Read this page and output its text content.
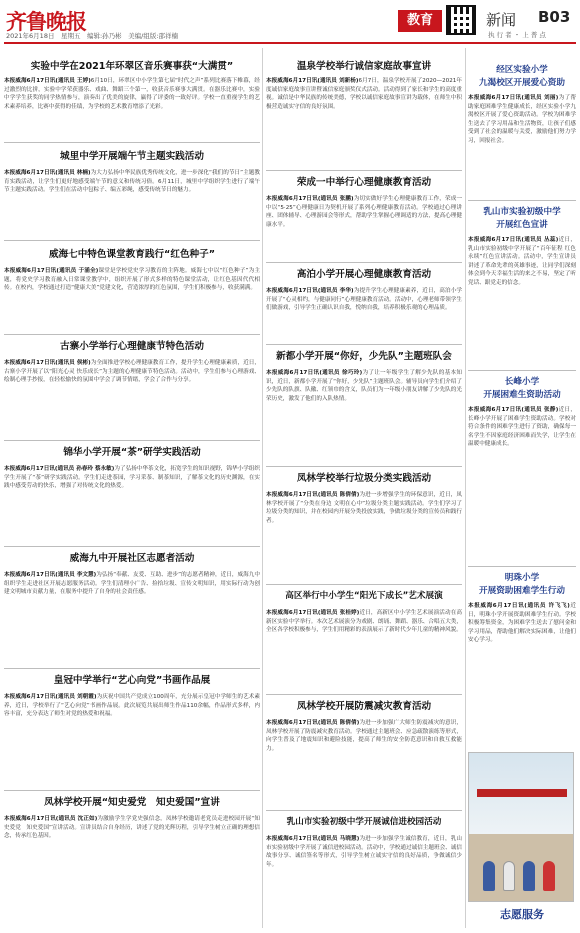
齐鲁晚报
2021年6月18日　星期五　编辑:孙乃彬　美编/组版:邵祥楠
教育	新闻 B03
执 行 者 ・ 上 普 点
实验中学在2021年环翠区音乐赛事获“大满贯”
本报威海6月17日讯(通讯员 王婷)6月10日，环翠区中小学生第七届“时代之声”系列比赛落下帷幕，经过激烈的比拼，实验中学荣获器乐、戏曲、舞蹈三个第一，收获音乐赛事大满贯。在器乐比赛中，实验中学学生获奖的同学热情参与，演奏出了优美的旋律，赢得了评委的一致好评。学校一直重视学生的艺术素养培养，比赛中获得的佳绩，为学校的艺术教育增添了光彩。
城里中学开展端午节主题实践活动
本报威海6月17日讯(通讯员 林楠)为大力弘扬中华民族优秀传统文化，进一步深化“我们的节日”主题教育实践活动，让学生们更好地感受端午节的意义和传统习俗。6月11日，城里中学组织学生进行了端午节主题实践活动。学生们在活动中包粽子、编五彩绳，感受传统节日的魅力。
威海七中特色课堂教育践行“红色种子”
本报威海6月17日讯(通讯员 于涌全)课堂是学校党史学习教育的主阵地。威海七中以“红色种子”为主题，将党史学习教育融入日常课堂教学中，组织开展了形式多样的特色课堂活动，让红色基因代代相传。在校内，学校通过打造“健康大美”党建文化，营造浓厚的红色氛围，学生们积极参与，收获满满。
古寨小学举行心理健康节特色活动
本报威海6月17日讯(通讯员 侯彬)为全面推进学校心理健康教育工作，提升学生心理健康素质，近日，古寨小学开展了以“阳光心灵 快乐成长”为主题的心理健康节特色活动。活动中，学生们参与心理游戏、绘制心理手抄报，在轻松愉快的氛围中学会了调节情绪，学会了合作与分享。
锦华小学开展“茶”研学实践活动
本报威海6月17日讯(通讯员 孙春玲 蔡永敏)为了弘扬中华茶文化，拓宽学生的知识视野，锦华小学组织学生开展了“茶”研学实践活动。学生们走进茶园，学习采茶、制茶知识，了解茶文化的历史渊源，在实践中感受劳动的快乐，增强了对传统文化的热爱。
威海九中开展社区志愿者活动
本报威海6月17日讯(通讯员 李文慧)为弘扬“奉献、友爱、互助、进步”的志愿者精神，近日，威海九中组织学生走进社区开展志愿服务活动。学生们清理小广告、捡拾垃圾、宣传文明知识，用实际行动为创建文明城市贡献力量，在服务中提升了自身的社会责任感。
皇冠中学举行“艺心向党”书画作品展
本报威海6月17日讯(通讯员 刘朝霞)为庆祝中国共产党成立100周年，充分展示皇冠中学师生的艺术素养，近日，学校举行了“艺心向党”书画作品展。此次展览共展出师生作品110余幅，作品形式多样，内容丰富，充分表达了师生对党的热爱和祝福。
凤林学校开展“知史爱党　知史爱国”宣讲
本报威海6月17日讯(通讯员 沈正如)为激励学生学党史强信念，凤林学校邀请老党员走进校园开展“知史爱党　知史爱国”宣讲活动。宣讲员结合自身经历，讲述了党的光辉历程，引导学生树立正确的理想信念，传承红色基因。
温泉学校举行诚信家庭故事宣讲
本报威海6月17日讯(通讯员 刘新杨)6月7日，温泉学校开展了2020—2021年度诚信家庭故事宣讲暨诚信家庭颁奖仪式活动。活动得到了家长和学生的高度重视。诚信是中华民族的传统美德，学校以诚信家庭故事宣讲为载体，在师生中积极营造诚实守信的良好氛围。
荣成一中举行心理健康教育活动
本报威海6月17日讯(通讯员 张鹏)为切实做好学生心理健康教育工作，荣成一中以“5·25”心理健康日为契机开展了系列心理健康教育活动。学校通过心理讲座、团体辅导、心理游园会等形式，帮助学生掌握心理调适的方法，提高心理健康水平。
高泊小学开展心理健康教育活动
本报威海6月17日讯(通讯员 李华)为提升学生心理健康素养，近日，高泊小学开展了“心灵相约，与健康同行”心理健康教育活动。活动中，心理老师带领学生们做游戏，引导学生正确认识自我，悦纳自我，培养积极乐观的心理品质。
新都小学开展“你好，少先队”主题班队会
本报威海6月17日讯(通讯员 徐巧玲)为了让一年级学生了解少先队的基本知识，近日，新都小学开展了“你好，少先队”主题班队会。辅导员向学生们介绍了少先队的队旗、队徽、红领巾的含义，队员们为一年级小朋友讲解了少先队的光荣历史，激发了他们的入队热情。
凤林学校举行垃圾分类实践活动
本报威海6月17日讯(通讯员 陈倩倩)为进一步增强学生的环保意识，近日，凤林学校开展了“分类在身边 文明在心中”垃圾分类主题实践活动。学生们学习了垃圾分类的知识，并在校园内开展分类投放实践，争做垃圾分类的宣传员和践行者。
高区举行中小学生“阳光下成长”艺术展演
本报威海6月17日讯(通讯员 张桂婷)近日，高新区中小学生艺术展演活动在高新区实验中学举行。本次艺术展演分为戏剧、朗诵、舞蹈、器乐、合唱五大类，全区各学校积极参与，学生们用精彩的表演展示了新时代少年儿童的精神风貌。
凤林学校开展防震减灾教育活动
本报威海6月17日讯(通讯员 陈倩倩)为进一步加强广大师生防震减灾的意识，凤林学校开展了防震减灾教育活动。学校通过主题班会、应急疏散演练等形式，向学生普及了地震知识和避险技能，提高了师生的安全防范意识和自救互救能力。
乳山市实验初级中学开展诚信进校园活动
本报威海6月17日讯(通讯员 马晓慧)为进一步加强学生诚信教育，近日，乳山市实验初级中学开展了诚信进校园活动。活动中，学校通过诚信主题班会、诚信故事分享、诚信签名等形式，引导学生树立诚实守信的良好品质，争做诚信少年。
经区实验小学
九渴校区开展爱心资助
本报威海6月17日讯(通讯员 刘丽)为了帮助家庭困难学生健康成长，经区实验小学九渴校区开展了爱心资助活动。学校为困难学生送去了学习用品和生活物资，让孩子们感受到了社会的温暖与关爱，激励他们努力学习，回报社会。
乳山市实验初级中学
开展红色宣讲
本报威海6月17日讯(通讯员 丛蕊)近日，乳山市实验初级中学开展了“百年征程 红色永续”红色宣讲活动。活动中，学生宣讲员讲述了革命先辈的英雄事迹，让同学们深刻体会到今天幸福生活的来之不易，坚定了听党话、跟党走的信念。
长峰小学
开展困难生资助活动
本报威海6月17日讯(通讯员 张静)近日，长峰小学开展了困难学生资助活动。学校对符合条件的困难学生进行了资助，确保每一名学生不因家庭经济困难而失学，让学生在温暖中健康成长。
明珠小学
开展资助困难学生行动
本报威海6月17日讯(通讯员 许飞飞)近日，明珠小学开展资助困难学生行动。学校积极筹集资金，为困难学生送去了慰问金和学习用品，帮助他们解决实际困难，让他们安心学习。
志愿服务
